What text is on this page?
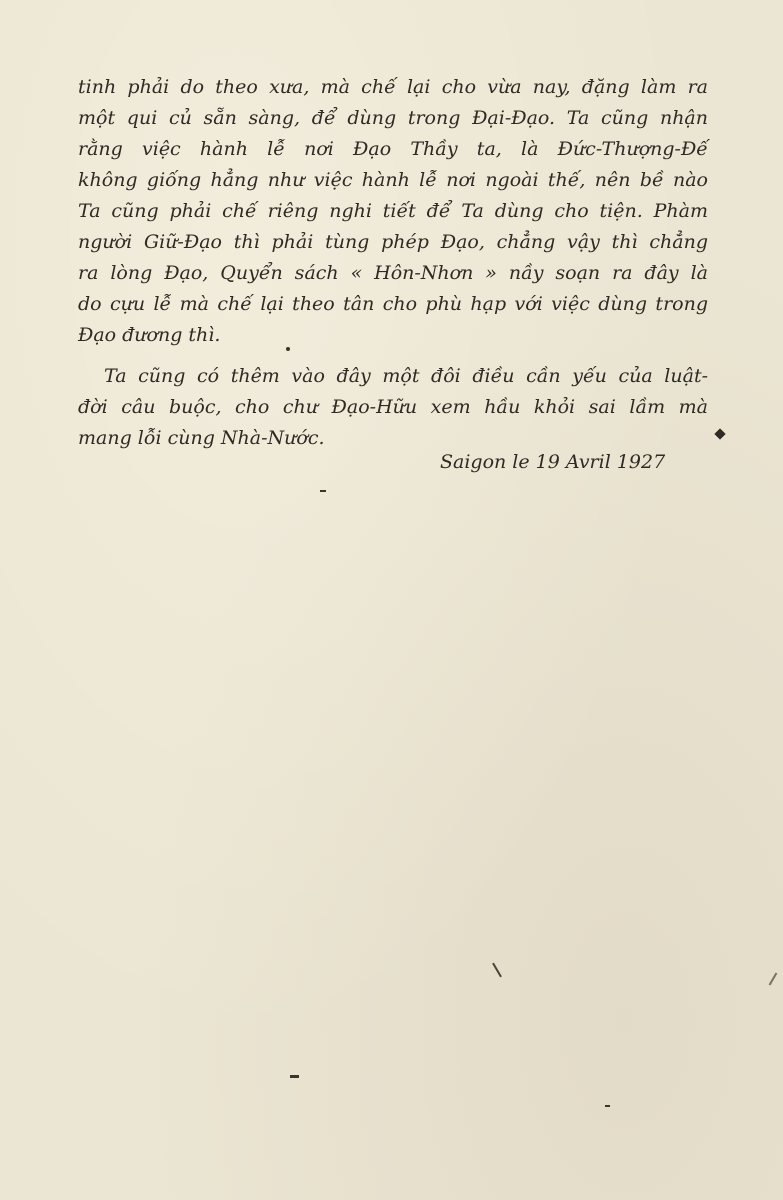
tinh phải do theo xưa, mà chế lại cho vừa nay, đặng làm ra
một qui củ sẵn sàng, để dùng trong Đại-Đạo. Ta cũng nhận
rằng việc hành lễ nơi Đạo Thầy ta, là Đức-Thượng-Đế
không giống hẳng như việc hành lễ nơi ngoài thế, nên bề nào
Ta cũng phải chế riêng nghi tiết để Ta dùng cho tiện. Phàm
người Giữ-Đạo thì phải tùng phép Đạo, chẳng vậy thì chẳng
ra lòng Đạo, Quyển sách « Hôn-Nhơn » nầy soạn ra đây là
do cựu lễ mà chế lại theo tân cho phù hạp với việc dùng trong
Đạo đương thì.
Ta cũng có thêm vào đây một đôi điều cần yếu của luật-
đời câu buộc, cho chư Đạo-Hữu xem hầu khỏi sai lầm mà
mang lỗi cùng Nhà-Nước.
Saigon le 19 Avril 1927
